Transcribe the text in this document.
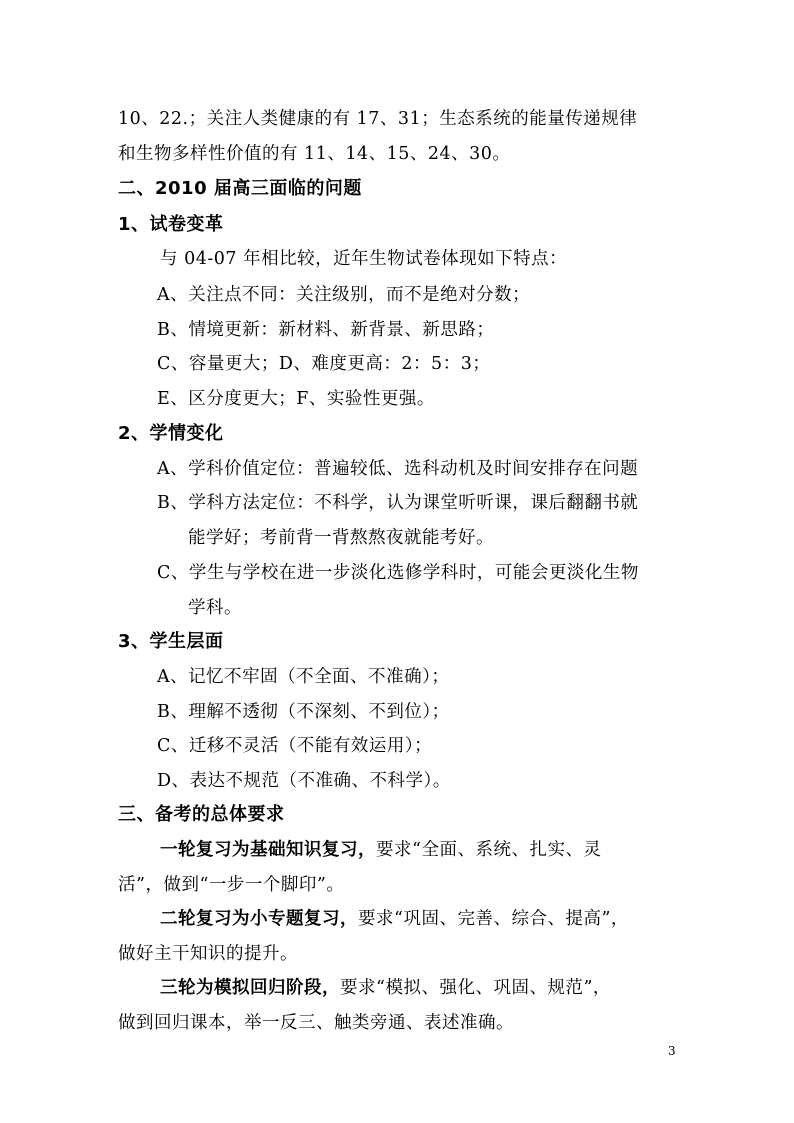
10、22.；关注人类健康的有 17、31；生态系统的能量传递规律
和生物多样性价值的有 11、14、15、24、30。
二、2010 届高三面临的问题
1、试卷变革
与 04-07 年相比较，近年生物试卷体现如下特点：
A、关注点不同：关注级别，而不是绝对分数；
B、情境更新：新材料、新背景、新思路；
C、容量更大；D、难度更高：2：5：3；
E、区分度更大；F、实验性更强。
2、学情变化
A、学科价值定位：普遍较低、选科动机及时间安排存在问题
B、学科方法定位：不科学，认为课堂听听课，课后翻翻书就
能学好；考前背一背熬熬夜就能考好。
C、学生与学校在进一步淡化选修学科时，可能会更淡化生物
学科。
3、学生层面
A、记忆不牢固（不全面、不准确）；
B、理解不透彻（不深刻、不到位）；
C、迁移不灵活（不能有效运用）；
D、表达不规范（不准确、不科学）。
三、备考的总体要求
一轮复习为基础知识复习，要求“全面、系统、扎实、灵
活”，做到“一步一个脚印”。
二轮复习为小专题复习，要求“巩固、完善、综合、提高”，
做好主干知识的提升。
三轮为模拟回归阶段，要求“模拟、强化、巩固、规范”，
做到回归课本，举一反三、触类旁通、表述准确。
3
